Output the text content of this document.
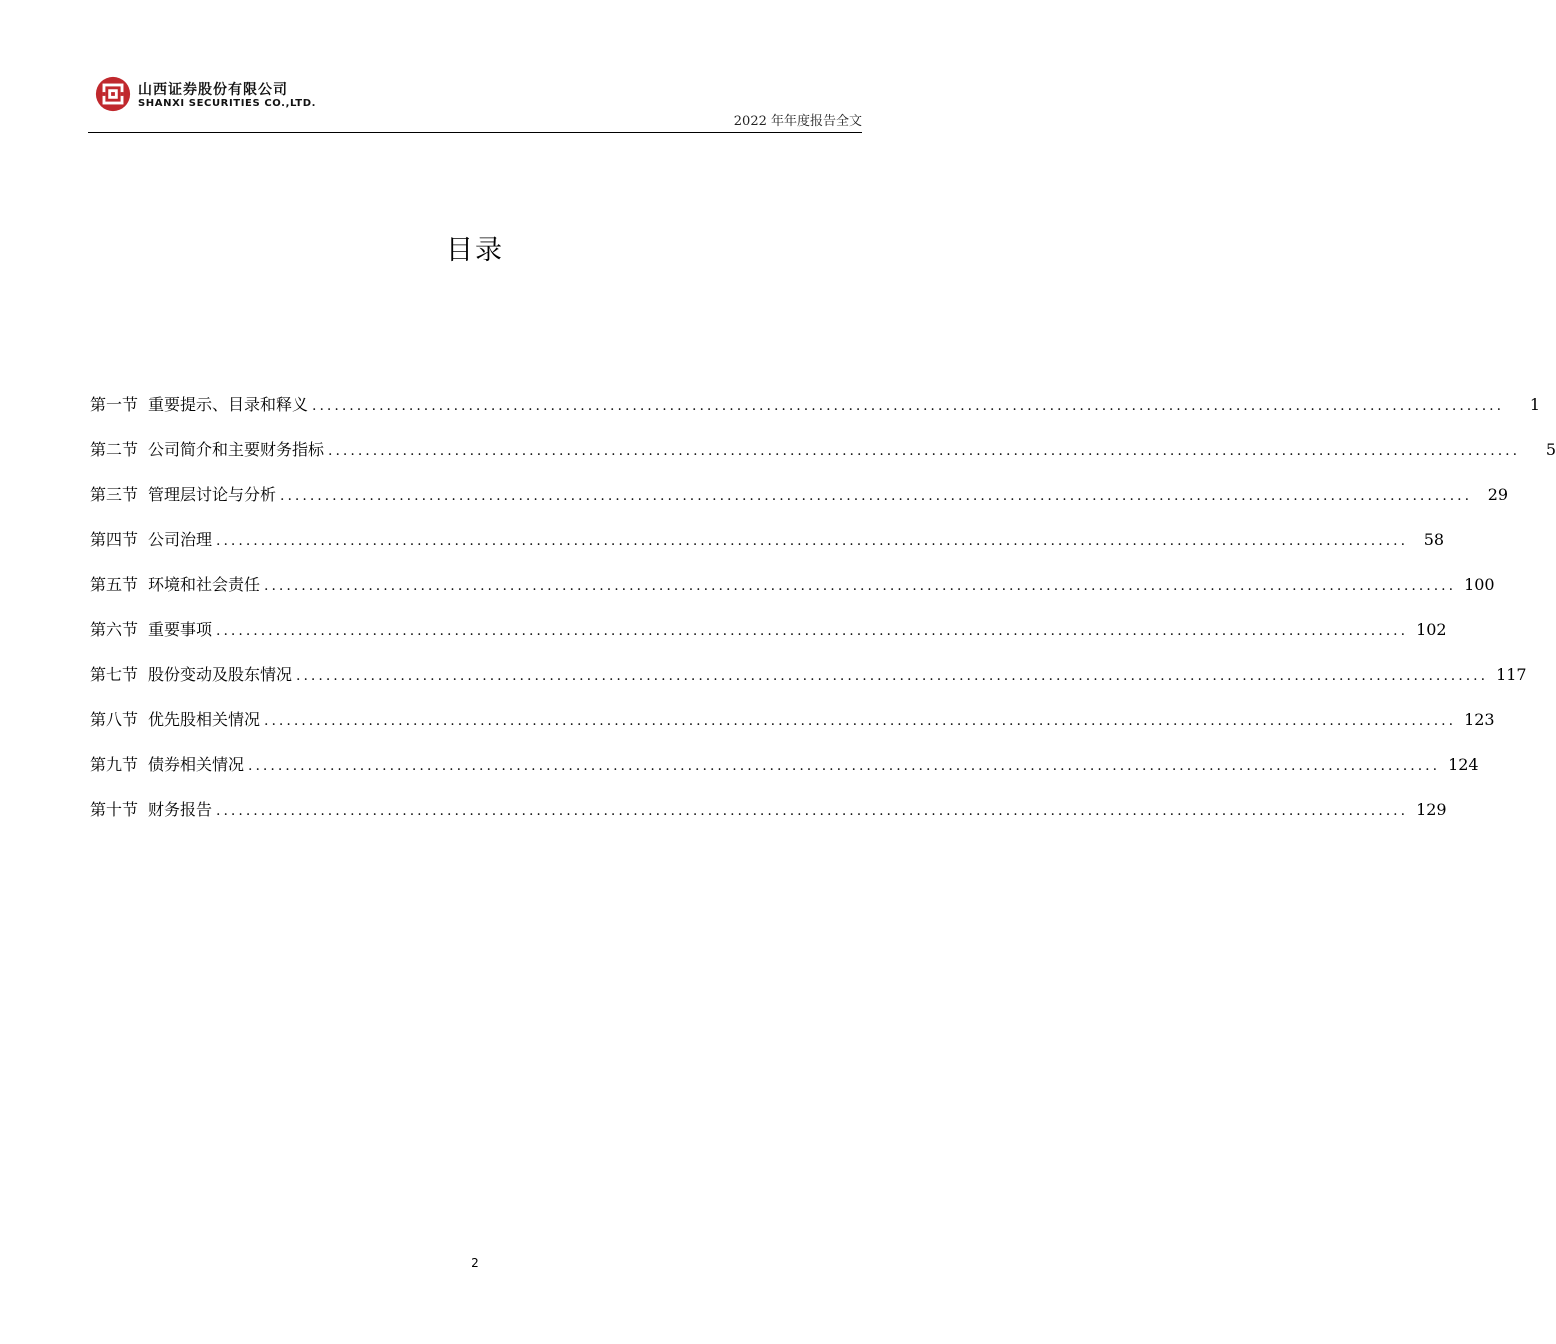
山西证券股份有限公司
SHANXI SECURITIES CO.,LTD.
2022 年年度报告全文
目录
第一节 重要提示、目录和释义 ................................................................................................................................................................	1
第二节 公司简介和主要财务指标 ................................................................................................................................................................	5
第三节 管理层讨论与分析 ................................................................................................................................................................ 29
第四节 公司治理 ................................................................................................................................................................ 58
第五节 环境和社会责任 ................................................................................................................................................................ 100
第六节 重要事项 ................................................................................................................................................................ 102
第七节 股份变动及股东情况 ................................................................................................................................................................ 117
第八节 优先股相关情况 ................................................................................................................................................................ 123
第九节 债券相关情况 ................................................................................................................................................................ 124
第十节 财务报告 ................................................................................................................................................................ 129
2
